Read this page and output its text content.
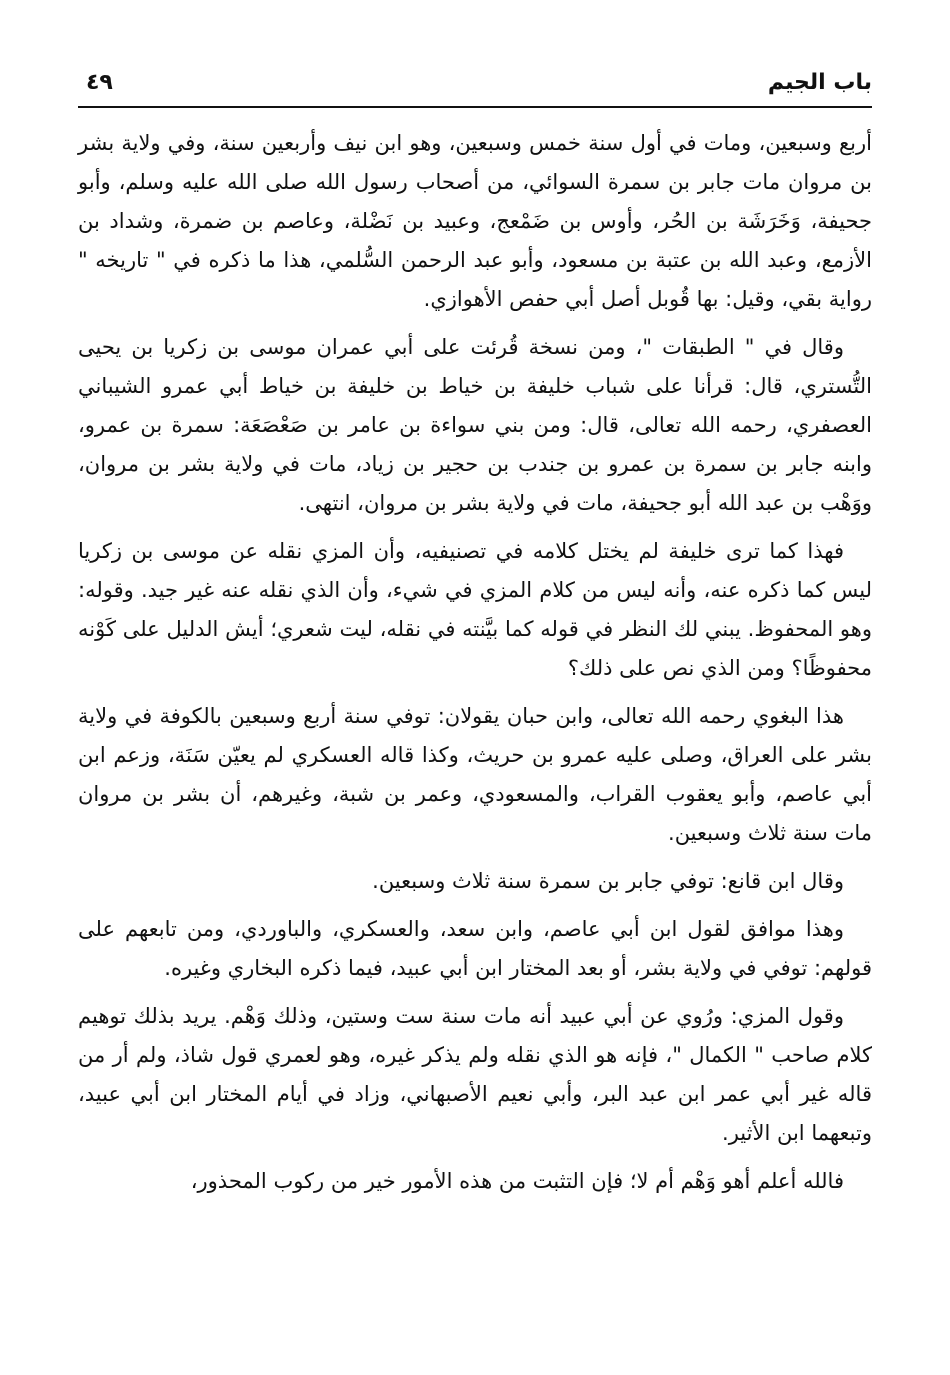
باب الجيم
٤٩

أربع وسبعين، ومات في أول سنة خمس وسبعين، وهو ابن نيف وأربعين سنة، وفي ولاية بشر بن مروان مات جابر بن سمرة السوائي، من أصحاب رسول الله صلى الله عليه وسلم، وأبو جحيفة، وَخَرَشَة بن الحُر، وأوس بن ضَمْعج، وعبيد بن نَضْلة، وعاصم بن ضمرة، وشداد بن الأزمع، وعبد الله بن عتبة بن مسعود، وأبو عبد الرحمن السُّلمي، هذا ما ذكره في " تاريخه " رواية بقي، وقيل: بها قُوبل أصل أبي حفص الأهوازي.

وقال في " الطبقات "، ومن نسخة قُرئت على أبي عمران موسى بن زكريا بن يحيى التُّستري، قال: قرأنا على شباب خليفة بن خياط بن خليفة بن خياط أبي عمرو الشيباني العصفري، رحمه الله تعالى، قال: ومن بني سواءة بن عامر بن صَعْصَعَة: سمرة بن عمرو، وابنه جابر بن سمرة بن عمرو بن جندب بن حجير بن زياد، مات في ولاية بشر بن مروان، ووَهْب بن عبد الله أبو جحيفة، مات في ولاية بشر بن مروان، انتهى.

فهذا كما ترى خليفة لم يختل كلامه في تصنيفيه، وأن المزي نقله عن موسى بن زكريا ليس كما ذكره عنه، وأنه ليس من كلام المزي في شيء، وأن الذي نقله عنه غير جيد. وقوله: وهو المحفوظ. يبني لك النظر في قوله كما بيَّنته في نقله، ليت شعري؛ أيش الدليل على كَوْنه محفوظًا؟ ومن الذي نص على ذلك؟

هذا البغوي رحمه الله تعالى، وابن حبان يقولان: توفي سنة أربع وسبعين بالكوفة في ولاية بشر على العراق، وصلى عليه عمرو بن حريث، وكذا قاله العسكري لم يعيّن سَنَة، وزعم ابن أبي عاصم، وأبو يعقوب القراب، والمسعودي، وعمر بن شبة، وغيرهم، أن بشر بن مروان مات سنة ثلاث وسبعين.

وقال ابن قانع: توفي جابر بن سمرة سنة ثلاث وسبعين.

وهذا موافق لقول ابن أبي عاصم، وابن سعد، والعسكري، والباوردي، ومن تابعهم على قولهم: توفي في ولاية بشر، أو بعد المختار ابن أبي عبيد، فيما ذكره البخاري وغيره.

وقول المزي: ورُوي عن أبي عبيد أنه مات سنة ست وستين، وذلك وَهْم. يريد بذلك توهيم كلام صاحب " الكمال "، فإنه هو الذي نقله ولم يذكر غيره، وهو لعمري قول شاذ، ولم أر من قاله غير أبي عمر ابن عبد البر، وأبي نعيم الأصبهاني، وزاد في أيام المختار ابن أبي عبيد، وتبعهما ابن الأثير.

فالله أعلم أهو وَهْم أم لا؛ فإن التثبت من هذه الأمور خير من ركوب المحذور،
